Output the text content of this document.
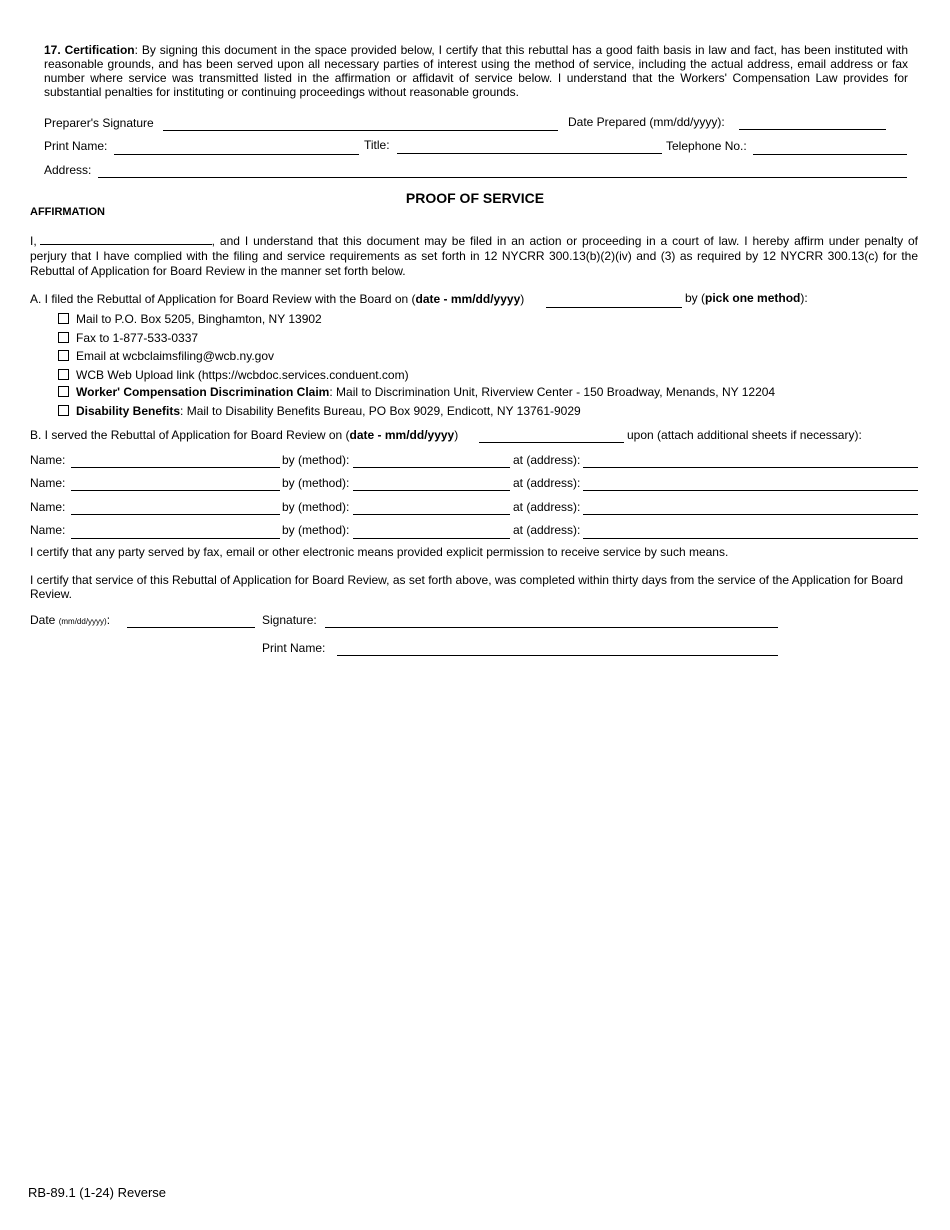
17. Certification: By signing this document in the space provided below, I certify that this rebuttal has a good faith basis in law and fact, has been instituted with reasonable grounds, and has been served upon all necessary parties of interest using the method of service, including the actual address, email address or fax number where service was transmitted listed in the affirmation or affidavit of service below. I understand that the Workers' Compensation Law provides for substantial penalties for instituting or continuing proceedings without reasonable grounds.
Preparer's Signature	Date Prepared (mm/dd/yyyy):
Print Name:	Title:	Telephone No.:
Address:
PROOF OF SERVICE
AFFIRMATION
I,	, and I understand that this document may be filed in an action or proceeding in a court of law. I hereby affirm under penalty of perjury that I have complied with the filing and service requirements as set forth in 12 NYCRR 300.13(b)(2)(iv) and (3) as required by 12 NYCRR 300.13(c) for the Rebuttal of Application for Board Review in the manner set forth below.
A. I filed the Rebuttal of Application for Board Review with the Board on (date - mm/dd/yyyy)	by (pick one method):
Mail to P.O. Box 5205, Binghamton, NY 13902
Fax to 1-877-533-0337
Email at wcbclaimsfiling@wcb.ny.gov
WCB Web Upload link (https://wcbdoc.services.conduent.com)
Worker' Compensation Discrimination Claim: Mail to Discrimination Unit, Riverview Center - 150 Broadway, Menands, NY 12204
Disability Benefits: Mail to Disability Benefits Bureau, PO Box 9029, Endicott, NY 13761-9029
B. I served the Rebuttal of Application for Board Review on (date - mm/dd/yyyy)	upon (attach additional sheets if necessary):
Name:	by (method):	at (address):
Name:	by (method):	at (address):
Name:	by (method):	at (address):
Name:	by (method):	at (address):
I certify that any party served by fax, email or other electronic means provided explicit permission to receive service by such means.
I certify that service of this Rebuttal of Application for Board Review, as set forth above, was completed within thirty days from the service of the Application for Board Review.
Date (mm/dd/yyyy):	Signature:
Print Name:
RB-89.1 (1-24) Reverse
